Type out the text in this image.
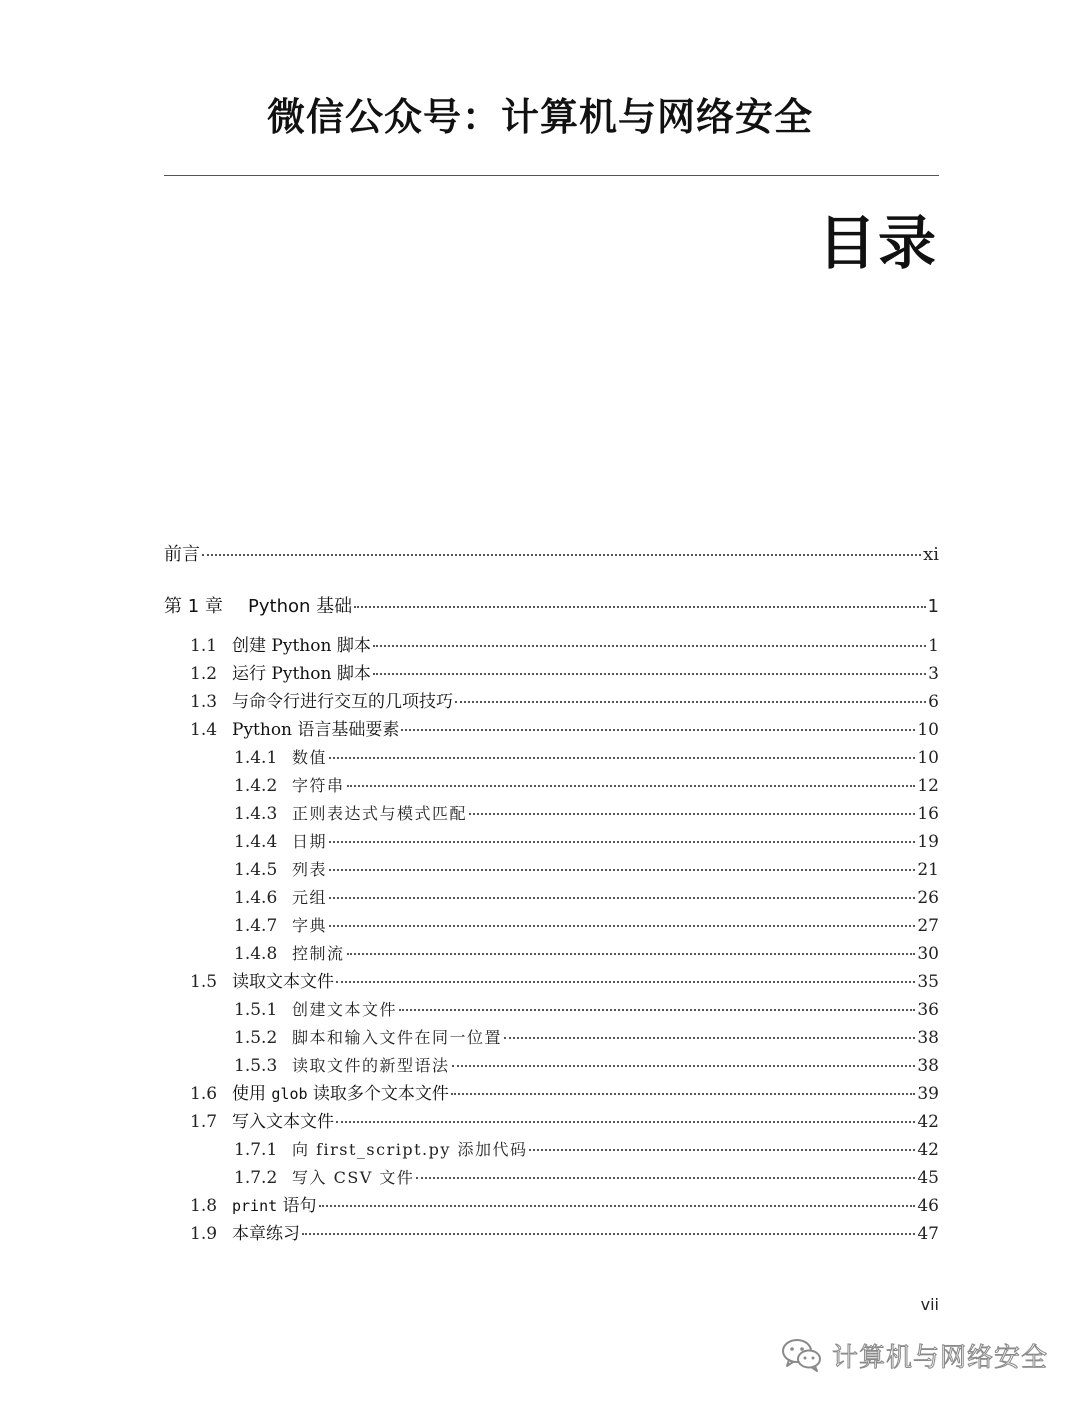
微信公众号：计算机与网络安全
目录
前言	xi
第 1 章	Python 基础	1
1.1 创建 Python 脚本	1
1.2 运行 Python 脚本	3
1.3 与命令行进行交互的几项技巧	6
1.4 Python 语言基础要素	10
1.4.1 数值	10
1.4.2 字符串	12
1.4.3 正则表达式与模式匹配	16
1.4.4 日期	19
1.4.5 列表	21
1.4.6 元组	26
1.4.7 字典	27
1.4.8 控制流	30
1.5 读取文本文件	35
1.5.1 创建文本文件	36
1.5.2 脚本和输入文件在同一位置	38
1.5.3 读取文件的新型语法	38
1.6 使用 glob 读取多个文本文件	39
1.7 写入文本文件	42
1.7.1 向 first_script.py 添加代码	42
1.7.2 写入 CSV 文件	45
1.8 print 语句	46
1.9 本章练习	47
vii
计算机与网络安全
